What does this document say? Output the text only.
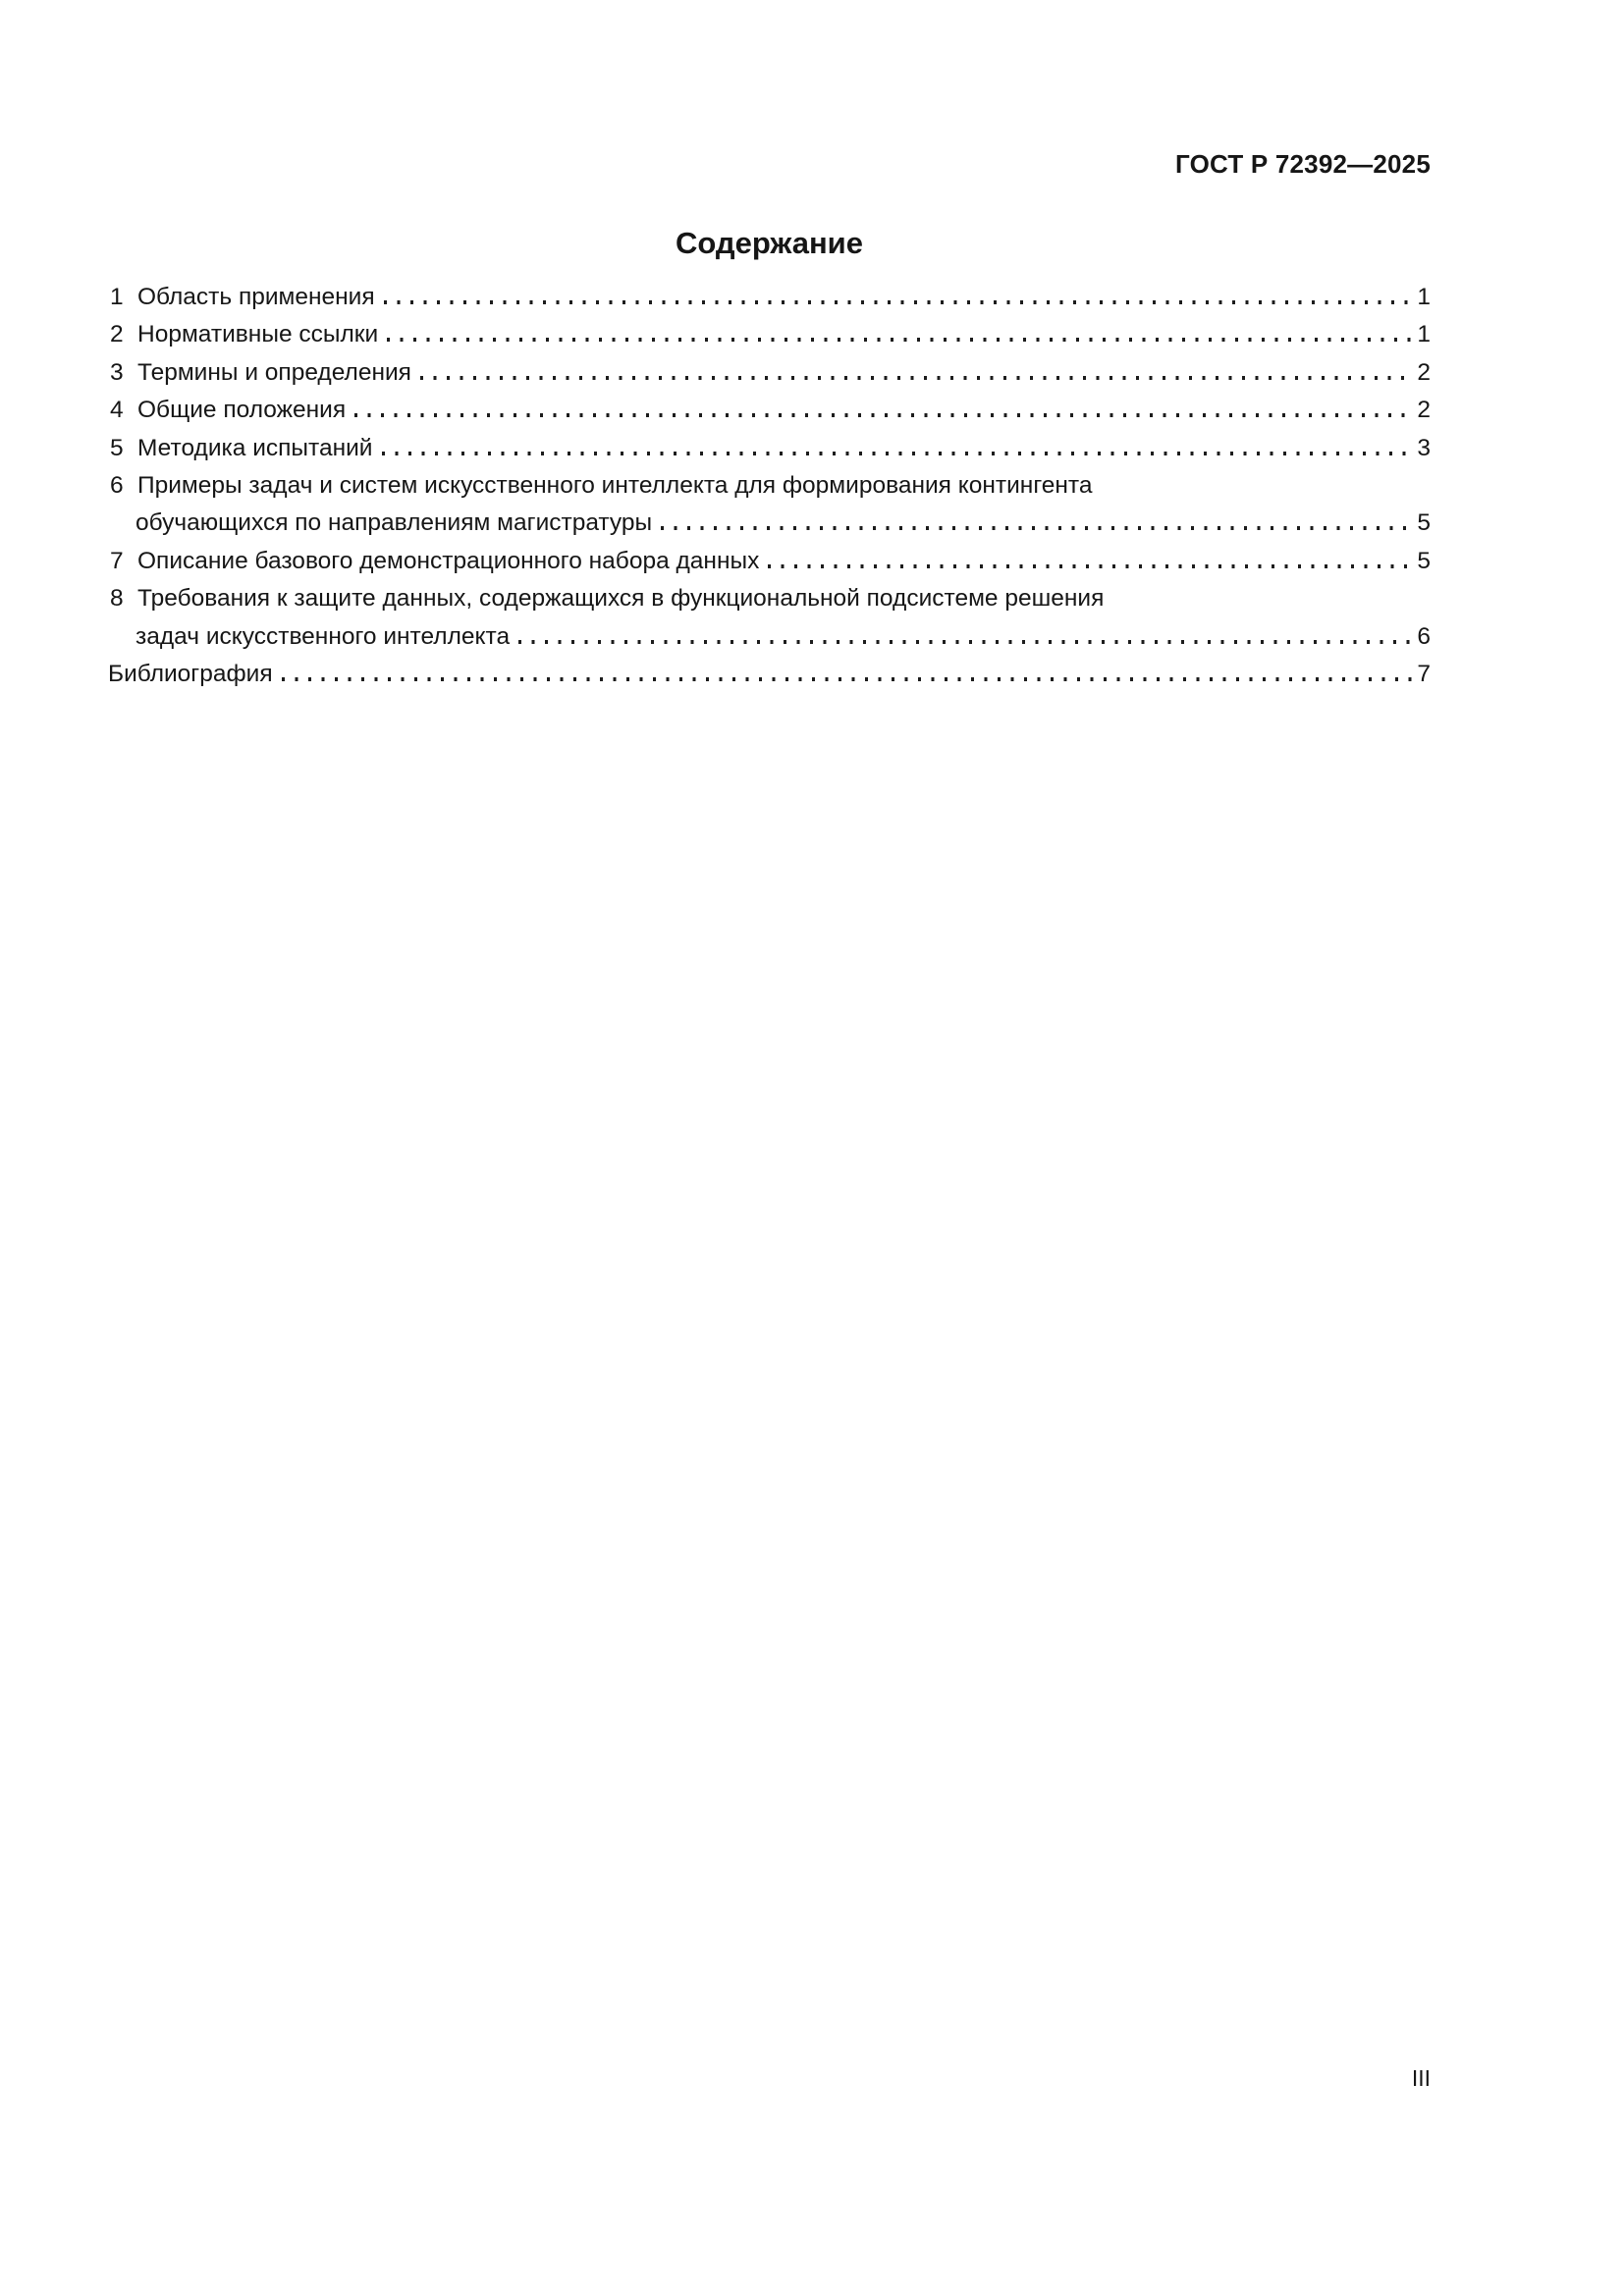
ГОСТ Р 72392—2025
Содержание
1 Область применения	1
2 Нормативные ссылки	1
3 Термины и определения	2
4 Общие положения	2
5 Методика испытаний	3
6 Примеры задач и систем искусственного интеллекта для формирования контингента
обучающихся по направлениям магистратуры	5
7 Описание базового демонстрационного набора данных	5
8 Требования к защите данных, содержащихся в функциональной подсистеме решения
задач искусственного интеллекта	6
Библиография	7
III
